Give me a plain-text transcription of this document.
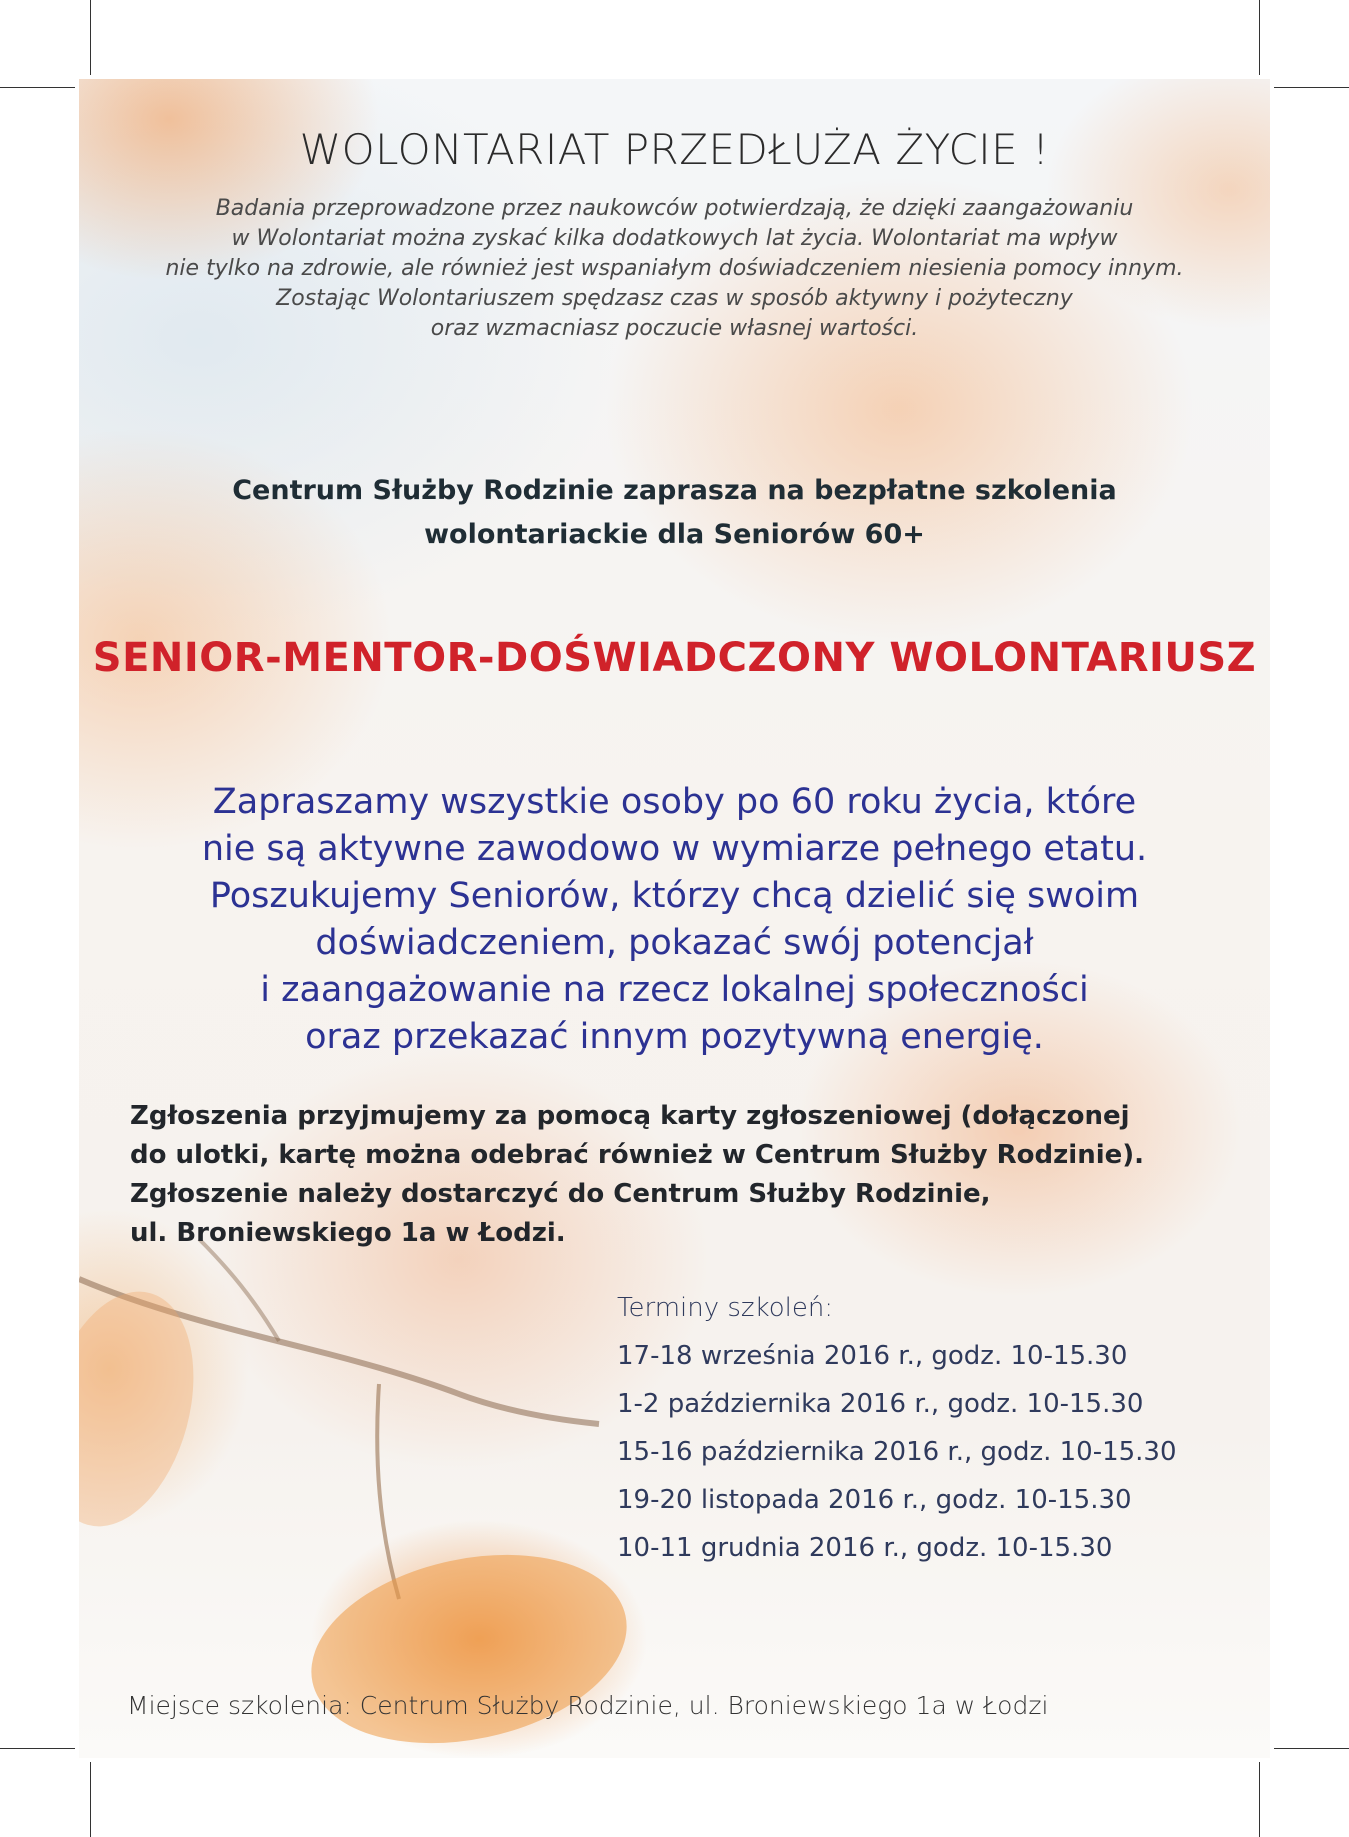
WOLONTARIAT PRZEDŁUŻA ŻYCIE !
Badania przeprowadzone przez naukowców potwierdzają, że dzięki zaangażowaniu
w Wolontariat można zyskać kilka dodatkowych lat życia. Wolontariat ma wpływ
nie tylko na zdrowie, ale również jest wspaniałym doświadczeniem niesienia pomocy innym.
Zostając Wolontariuszem spędzasz czas w sposób aktywny i pożyteczny
oraz wzmacniasz poczucie własnej wartości.
Centrum Służby Rodzinie zaprasza na bezpłatne szkolenia
wolontariackie dla Seniorów 60+
SENIOR-MENTOR-DOŚWIADCZONY WOLONTARIUSZ
Zapraszamy wszystkie osoby po 60 roku życia, które
nie są aktywne zawodowo w wymiarze pełnego etatu.
Poszukujemy Seniorów, którzy chcą dzielić się swoim
doświadczeniem, pokazać swój potencjał
i zaangażowanie na rzecz lokalnej społeczności
oraz przekazać innym pozytywną energię.
Zgłoszenia przyjmujemy za pomocą karty zgłoszeniowej (dołączonej
do ulotki, kartę można odebrać również w Centrum Służby Rodzinie).
Zgłoszenie należy dostarczyć do Centrum Służby Rodzinie,
ul. Broniewskiego 1a w Łodzi.
Terminy szkoleń:
17-18 września 2016 r., godz. 10-15.30
1-2 października 2016 r., godz. 10-15.30
15-16 października 2016 r., godz. 10-15.30
19-20 listopada 2016 r., godz. 10-15.30
10-11 grudnia 2016 r., godz. 10-15.30
Miejsce szkolenia: Centrum Służby Rodzinie, ul. Broniewskiego 1a w Łodzi
